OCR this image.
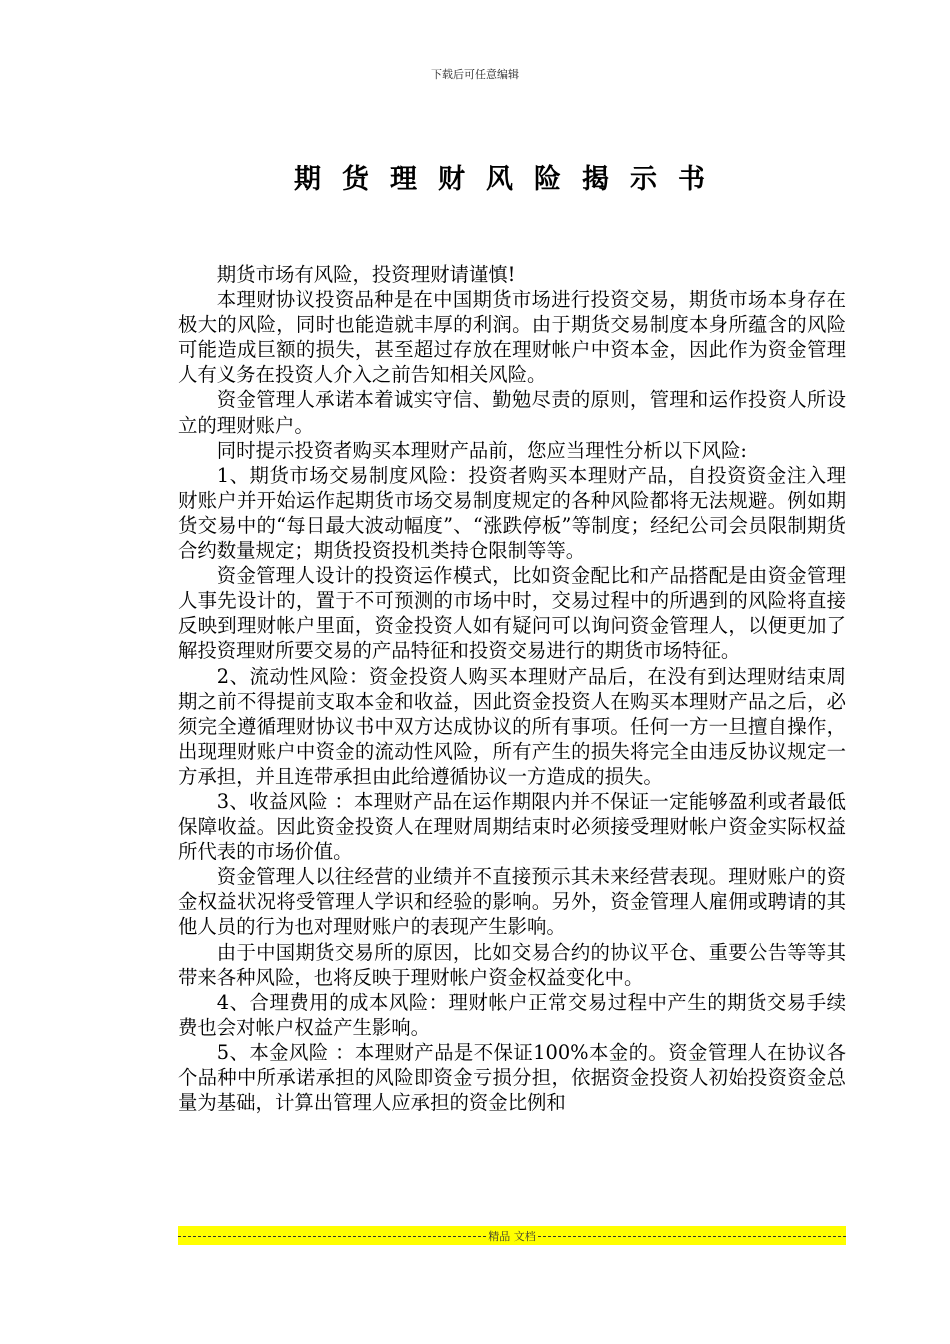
下载后可任意编辑
期货理财风险揭示书

期货市场有风险，投资理财请谨慎!

本理财协议投资品种是在中国期货市场进行投资交易，期货市场本身存在极大的风险，同时也能造就丰厚的利润。由于期货交易制度本身所蕴含的风险可能造成巨额的损失，甚至超过存放在理财帐户中资本金，因此作为资金管理人有义务在投资人介入之前告知相关风险。

资金管理人承诺本着诚实守信、勤勉尽责的原则，管理和运作投资人所设立的理财账户。

同时提示投资者购买本理财产品前，您应当理性分析以下风险:

1、期货市场交易制度风险：投资者购买本理财产品，自投资资金注入理财账户并开始运作起期货市场交易制度规定的各种风险都将无法规避。例如期货交易中的“每日最大波动幅度”、“涨跌停板”等制度；经纪公司会员限制期货合约数量规定；期货投资投机类持仓限制等等。

资金管理人设计的投资运作模式，比如资金配比和产品搭配是由资金管理人事先设计的，置于不可预测的市场中时，交易过程中的所遇到的风险将直接反映到理财帐户里面，资金投资人如有疑问可以询问资金管理人，以便更加了解投资理财所要交易的产品特征和投资交易进行的期货市场特征。

2、流动性风险：资金投资人购买本理财产品后，在没有到达理财结束周期之前不得提前支取本金和收益，因此资金投资人在购买本理财产品之后，必须完全遵循理财协议书中双方达成协议的所有事项。任何一方一旦擅自操作，出现理财账户中资金的流动性风险，所有产生的损失将完全由违反协议规定一方承担，并且连带承担由此给遵循协议一方造成的损失。

3、收益风险 ：本理财产品在运作期限内并不保证一定能够盈利或者最低保障收益。因此资金投资人在理财周期结束时必须接受理财帐户资金实际权益所代表的市场价值。

资金管理人以往经营的业绩并不直接预示其未来经营表现。理财账户的资金权益状况将受管理人学识和经验的影响。另外，资金管理人雇佣或聘请的其他人员的行为也对理财账户的表现产生影响。

由于中国期货交易所的原因，比如交易合约的协议平仓、重要公告等等其带来各种风险，也将反映于理财帐户资金权益变化中。

4、合理费用的成本风险：理财帐户正常交易过程中产生的期货交易手续费也会对帐户权益产生影响。

5、本金风险 ：本理财产品是不保证100%本金的。资金管理人在协议各个品种中所承诺承担的风险即资金亏损分担，依据资金投资人初始投资资金总量为基础，计算出管理人应承担的资金比例和

精品 文档
